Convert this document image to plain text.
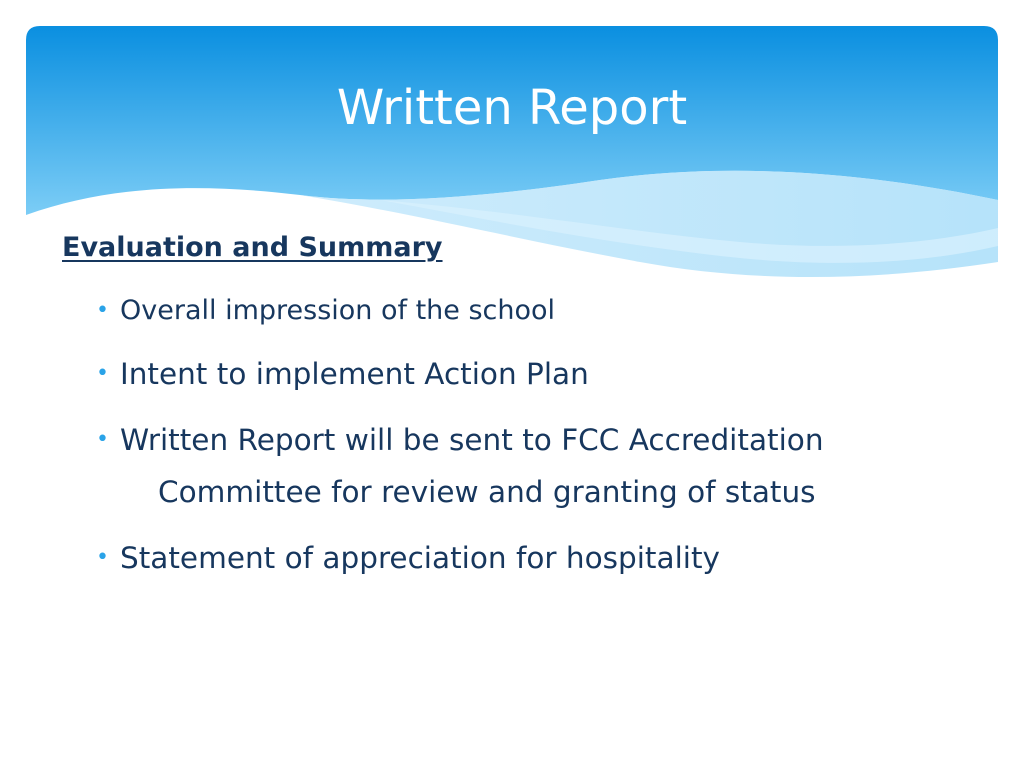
Written Report
Evaluation and Summary
• Overall impression of the school
• Intent to implement Action Plan
• Written Report will be sent to FCC Accreditation Committee for review and granting of status
• Statement of appreciation for hospitality
